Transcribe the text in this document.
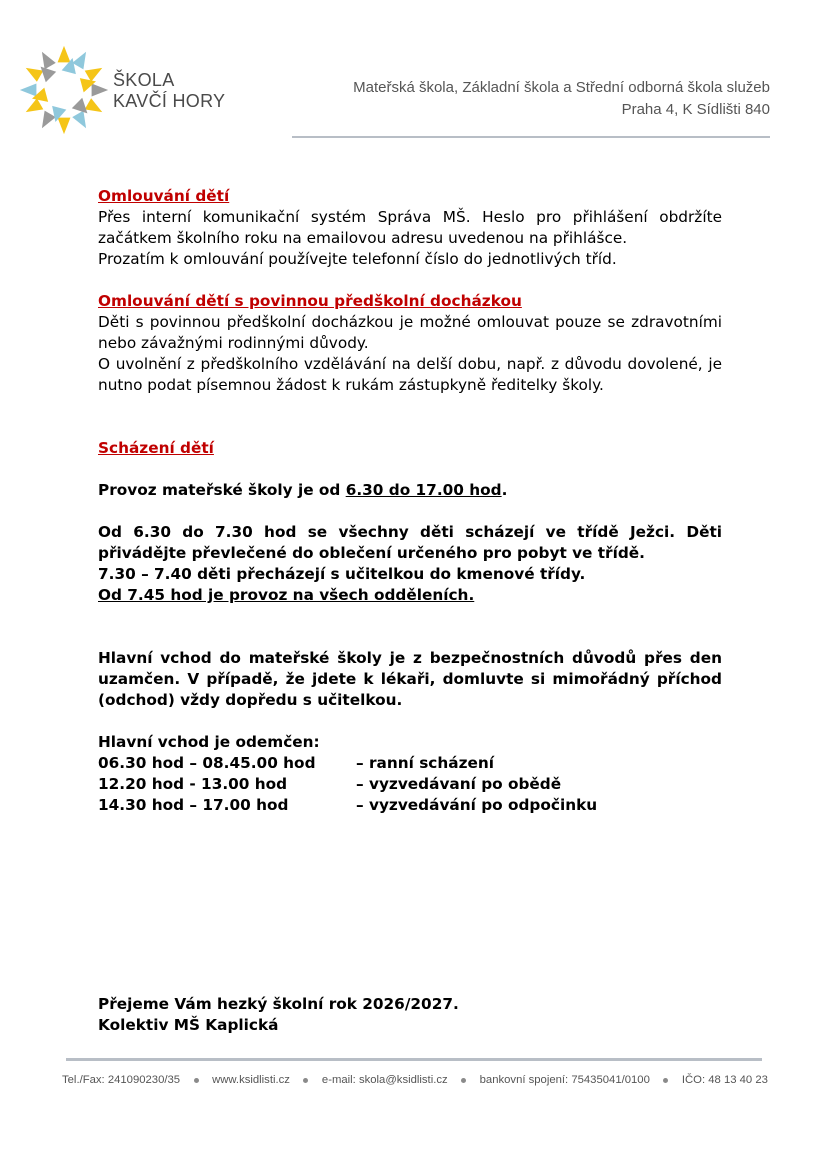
ŠKOLA
KAVČÍ HORY
Mateřská škola, Základní škola a Střední odborná škola služeb
Praha 4, K Sídlišti 840

Omlouvání dětí

Přes interní komunikační systém Správa MŠ. Heslo pro přihlášení obdržíte začátkem školního roku na emailovou adresu uvedenou na přihlášce.

Prozatím k omlouvání používejte telefonní číslo do jednotlivých tříd.

Omlouvání dětí s povinnou předškolní docházkou

Děti s povinnou předškolní docházkou je možné omlouvat pouze se zdravotními nebo závažnými rodinnými důvody.

O uvolnění z předškolního vzdělávání na delší dobu, např. z důvodu dovolené, je nutno podat písemnou žádost k rukám zástupkyně ředitelky školy.

Scházení dětí

Provoz mateřské školy je od 6.30 do 17.00 hod.

Od 6.30 do 7.30 hod se všechny děti scházejí ve třídě Ježci. Děti přivádějte převlečené do oblečení určeného pro pobyt ve třídě.

7.30 – 7.40 děti přecházejí s učitelkou do kmenové třídy.

Od 7.45 hod je provoz na všech odděleních.

Hlavní vchod do mateřské školy je z bezpečnostních důvodů přes den uzamčen. V případě, že jdete k lékaři, domluvte si mimořádný příchod (odchod) vždy dopředu s učitelkou.

Hlavní vchod je odemčen:

06.30 hod – 08.45.00 hod	– ranní scházení
12.20 hod - 13.00 hod	– vyzvedávaní po obědě
14.30 hod – 17.00 hod	– vyzvedávání po odpočinku

Přejeme Vám hezký školní rok 2026/2027.

Kolektiv MŠ Kaplická

Tel./Fax: 241090230/35	www.ksidlisti.cz	e-mail: skola@ksidlisti.cz	bankovní spojení: 75435041/0100	IČO: 48 13 40 23
